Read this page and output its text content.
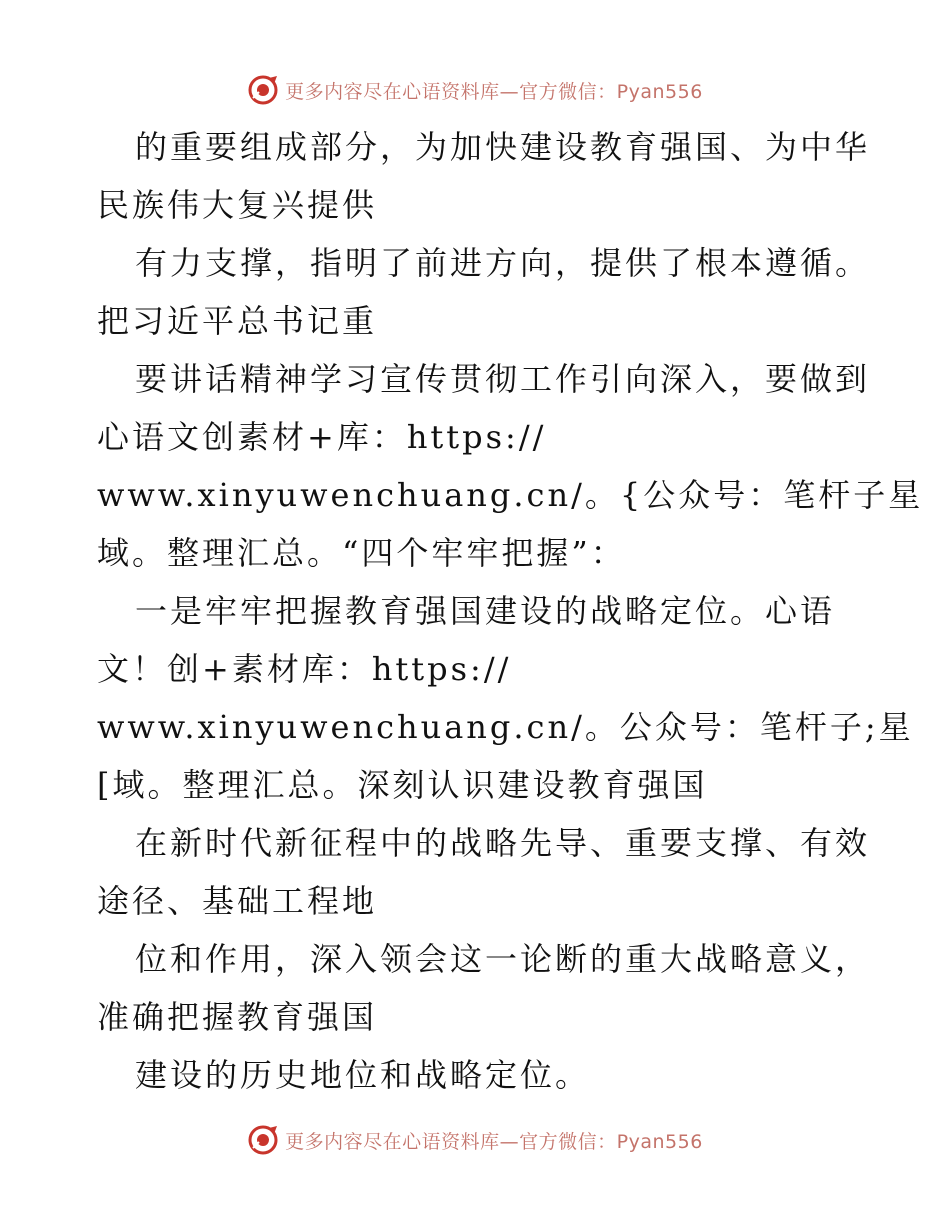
更多内容尽在心语资料库—官方微信：Pyan556
的重要组成部分，为加快建设教育强国、为中华
民族伟大复兴提供
有力支撑，指明了前进方向，提供了根本遵循。
把习近平总书记重
要讲话精神学习宣传贯彻工作引向深入，要做到
心语文创素材+库：https://
www.xinyuwenchuang.cn/。{公众号：笔杆子星
域。整理汇总。“四个牢牢把握”：
一是牢牢把握教育强国建设的战略定位。心语
文！创+素材库：https://
www.xinyuwenchuang.cn/。公众号：笔杆子;星
[域。整理汇总。深刻认识建设教育强国
在新时代新征程中的战略先导、重要支撑、有效
途径、基础工程地
位和作用，深入领会这一论断的重大战略意义，
准确把握教育强国
建设的历史地位和战略定位。
更多内容尽在心语资料库—官方微信：Pyan556
